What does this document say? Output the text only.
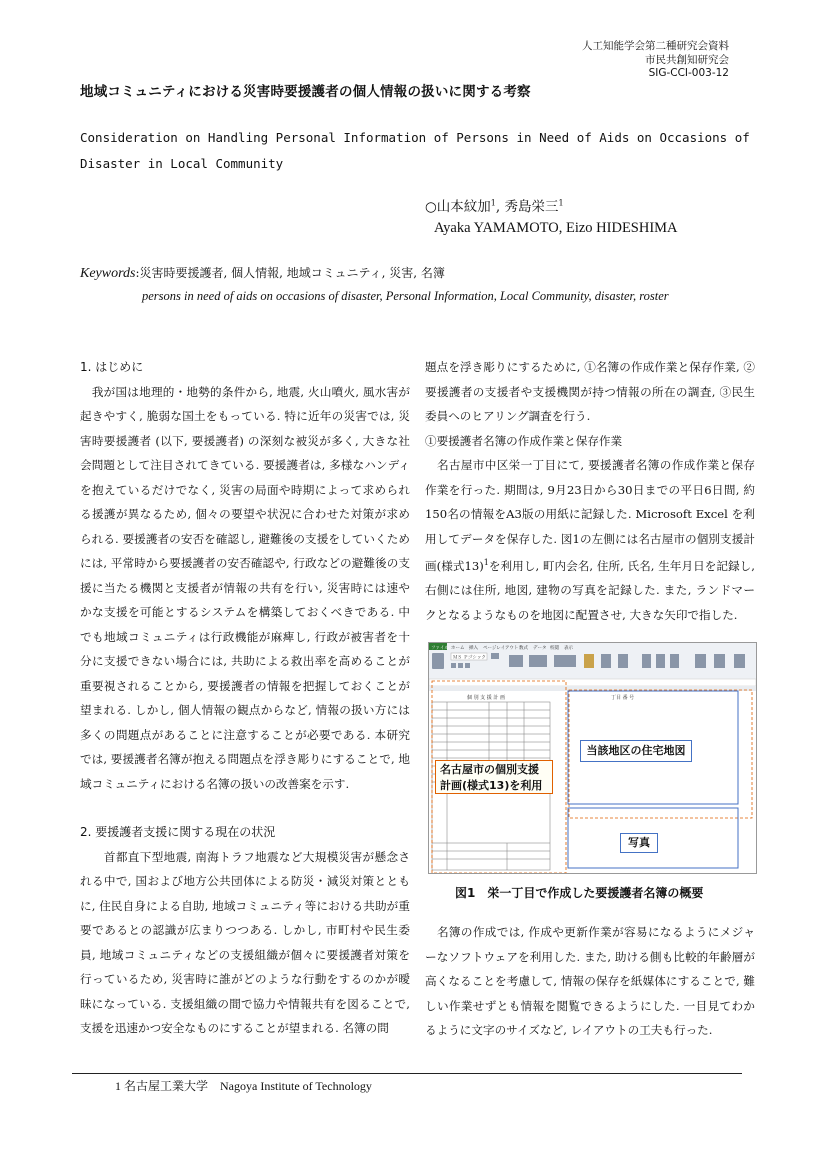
人工知能学会第二種研究会資料
市民共創知研究会
SIG-CCI-003-12
地域コミュニティにおける災害時要援護者の個人情報の扱いに関する考察
Consideration on Handling Personal Information of Persons in Need of Aids on Occasions of Disaster in Local Community
○山本紋加$^1$, 秀島栄三$^1$
Ayaka YAMAMOTO, Eizo HIDESHIMA
Keywords:災害時要援護者, 個人情報, 地域コミュニティ, 災害, 名簿
persons in need of aids on occasions of disaster, Personal Information, Local Community, disaster, roster

1. はじめに

　我が国は地理的・地勢的条件から, 地震, 火山噴火, 風水害が起きやすく, 脆弱な国土をもっている. 特に近年の災害では, 災害時要援護者 (以下, 要援護者) の深刻な被災が多く, 大きな社会問題として注目されてきている. 要援護者は, 多様なハンディを抱えているだけでなく, 災害の局面や時期によって求められる援護が異なるため, 個々の要望や状況に合わせた対策が求められる. 要援護者の安否を確認し, 避難後の支援をしていくためには, 平常時から要援護者の安否確認や, 行政などの避難後の支援に当たる機関と支援者が情報の共有を行い, 災害時には速やかな支援を可能とするシステムを構築しておくべきである. 中でも地域コミュニティは行政機能が麻痺し, 行政が被害者を十分に支援できない場合には, 共助による救出率を高めることが重要視されることから, 要援護者の情報を把握しておくことが望まれる. しかし, 個人情報の観点からなど, 情報の扱い方には多くの問題点があることに注意することが必要である. 本研究では, 要援護者名簿が抱える問題点を浮き彫りにすることで, 地域コミュニティにおける名簿の扱いの改善案を示す.

2. 要援護者支援に関する現在の状況

　　首都直下型地震, 南海トラフ地震など大規模災害が懸念される中で, 国および地方公共団体による防災・減災対策とともに, 住民自身による自助, 地域コミュニティ等における共助が重要であるとの認識が広まりつつある. しかし, 市町村や民生委員, 地域コミュニティなどの支援組織が個々に要援護者対策を行っているため, 災害時に誰がどのような行動をするのかが曖昧になっている. 支援組織の間で協力や情報共有を図ることで, 支援を迅速かつ安全なものにすることが望まれる. 名簿の問

題点を浮き彫りにするために, ①名簿の作成作業と保存作業, ②要援護者の支援者や支援機関が持つ情報の所在の調査, ③民生委員へのヒアリング調査を行う.

①要援護者名簿の作成作業と保存作業

　名古屋市中区栄一丁目にて, 要援護者名簿の作成作業と保存作業を行った. 期間は, 9月23日から30日までの平日6日間, 約150名の情報をA3版の用紙に記録した. Microsoft Excel を利用してデータを保存した. 図1の左側には名古屋市の個別支援計画(様式13)$^1$を利用し, 町内会名, 住所, 氏名, 生年月日を記録し, 右側には住所, 地図, 建物の写真を記録した. また, ランドマークとなるようなものを地図に配置させ, 大きな矢印で指した.

ファイル ホーム 挿入 ページレイアウト 数式 データ 校閲 表示
ＭＳ Ｐゴシック
個 別 支 援 計 画	丁目 番 号
当該地区の住宅地図
名古屋市の個別支援計画(様式13)を利用
写真
図1　栄一丁目で作成した要援護者名簿の概要

　名簿の作成では, 作成や更新作業が容易になるようにメジャーなソフトウェアを利用した. また, 助ける側も比較的年齢層が高くなることを考慮して, 情報の保存を紙媒体にすることで, 難しい作業せずとも情報を閲覧できるようにした. 一目見てわかるように文字のサイズなど, レイアウトの工夫も行った.

1 名古屋工業大学　Nagoya Institute of Technology
